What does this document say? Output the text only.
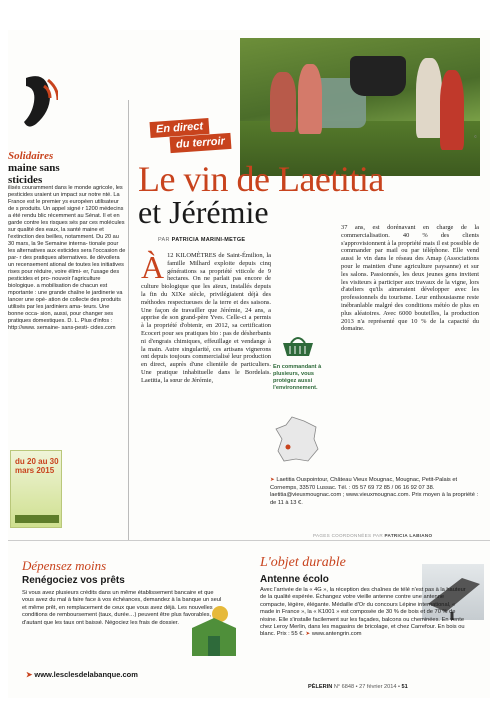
Solidaires
maine sans
sticides
ilisés couramment dans le monde agricole, les pesticides uraient un impact sur notre nté. La France est le premier ys européen utilisateur de s produits. Un appel signé r 1200 médecins a été rendu blic récemment au Sénat. Il et en garde contre les risques sés par ces molécules sur qualité des eaux, la santé maine et l'extinction des beilles, notamment. Du 20 au 30 mars, la 9e Semaine interna- tionale pour les alternatives aux esticides sera l'occasion de par- r des pratiques alternatives. ile dévoilera un recensement ational de toutes les initiatives rises pour réduire, voire élimi- er, l'usage des pesticides et pro- nouvoir l'agriculture biologique. a mobilisation de chacun est mportante : une grande chaîne le jardinerie va lancer une opé- ation de collecte des produits utilisés par les jardiniers ama- teurs. Une bonne occa- sion, aussi, pour changer ses pratiques domestiques. D. L. Plus d'infos : http://www. semaine- sans-pesti- cides.com
du 20 au 30 mars 2015
©
En direct
du terroir
Le vin de Laetitia
et Jérémie
PAR PATRICIA MARINI-METGE
À 12 KILOMÈTRES de Saint-Émilion, la famille Milhard exploite depuis cinq générations sa propriété viticole de 9 hectares. On ne parlait pas encore de culture biologique que les aïeux, installés depuis la fin du XIXe siècle, privilégiaient déjà des méthodes respectueuses de la terre et des saisons. Une façon de travailler que Jérémie, 24 ans, a apprise de son grand-père Yves. Celle-ci a permis à la propriété d'obtenir, en 2012, sa certification Ecocert pour ses pratiques bio : pas de désherbants ni d'engrais chimiques, effeuillage et vendange à la main. Autre singularité, ces artisans vignerons ont depuis toujours commercialisé leur production en direct, auprès d'une clientèle de particuliers. Une pratique inhabituelle dans le Bordelais. Laetitia, la sœur de Jérémie,
37 ans, est dorénavant en charge de la commercialisation. 40 % des clients s'approvisionnent à la propriété mais il est possible de commander par mail ou par téléphone. Elle vend aussi le vin dans le réseau des Amap (Associations pour le maintien d'une agriculture paysanne) et sur les salons. Passionnés, les deux jeunes gens invitent les visiteurs à participer aux travaux de la vigne, lors d'ateliers qu'ils aimeraient développer avec les professionnels du tourisme. Leur enthousiasme reste inébranlable malgré des conditions météo de plus en plus aléatoires. Avec 6000 bouteilles, la production 2013 n'a représenté que 10 % de la capacité du domaine.
En commandant à plusieurs, vous protégez aussi l'environnement.
➤ Laetitia Ouspointour, Château Vieux Mougnac, Mougnac, Petit-Palais et Cornemps, 33570 Lussac. Tél. : 05 57 69 72 85 / 06 16 92 07 38. laetitia@vieuxmougnac.com ; www.vieuxmougnac.com. Prix moyen à la propriété : de 11 à 13 €.
PAGES COORDONNÉES PAR PATRICIA LABIANO
Dépensez moins
Renégociez vos prêts
Si vous avez plusieurs crédits dans un même établissement bancaire et que vous avez du mal à faire face à vos échéances, demandez à la banque un seul et même prêt, en remplacement de ceux que vous avez déjà. Les nouvelles conditions de remboursement (taux, durée…) peuvent être plus favorables, d'autant que les taux ont baissé. Négociez les frais de dossier.
➤ www.lesclesdelabanque.com
L'objet durable
Antenne écolo
Avec l'arrivée de la « 4G », la réception des chaînes de télé n'est pas à la hauteur de la qualité espérée. Échangez votre vieille antenne contre une antenne compacte, légère, élégante. Médaille d'Or du concours Lépine international, « made in France », la « K1001 » est composée de 30 % de bois et de 70 % de résine. Elle s'installe facilement sur les façades, balcons ou cheminées. En vente chez Leroy Merlin, dans les magasins de bricolage, et chez Carrefour. En bois ou blanc. Prix : 55 €. ➤ www.antengrin.com
PÈLERIN N° 6848 • 27 février 2014 • 51
